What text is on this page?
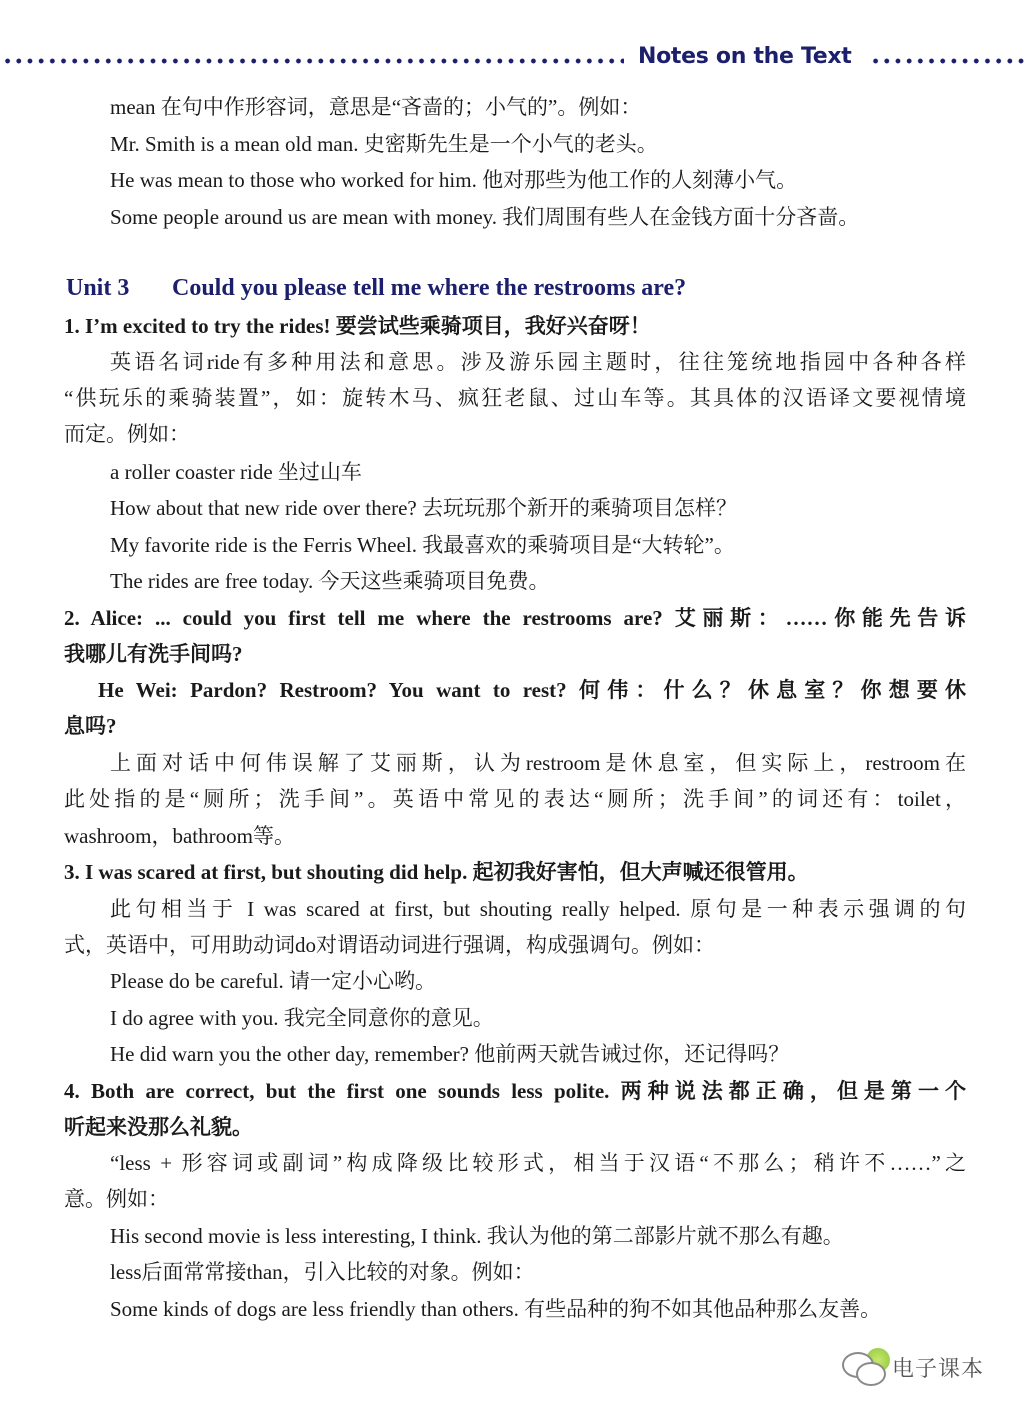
Notes on the Text
mean 在句中作形容词，意思是“吝啬的；小气的”。例如：
Mr. Smith is a mean old man. 史密斯先生是一个小气的老头。
He was mean to those who worked for him. 他对那些为他工作的人刻薄小气。
Some people around us are mean with money. 我们周围有些人在金钱方面十分吝啬。
Unit 3 Could you please tell me where the restrooms are?
1. I’m excited to try the rides! 要尝试些乘骑项目，我好兴奋呀！
英语名词ride有多种用法和意思。涉及游乐园主题时，往往笼统地指园中各种各样
“供玩乐的乘骑装置”，如：旋转木马、疯狂老鼠、过山车等。其具体的汉语译文要视情境
而定。例如：
a roller coaster ride 坐过山车
How about that new ride over there? 去玩玩那个新开的乘骑项目怎样？
My favorite ride is the Ferris Wheel. 我最喜欢的乘骑项目是“大转轮”。
The rides are free today. 今天这些乘骑项目免费。
2. Alice: ... could you first tell me where the restrooms are? 艾丽斯：……你能先告诉
我哪儿有洗手间吗?
He Wei: Pardon? Restroom? You want to rest? 何伟：什么？休息室？你想要休
息吗?
上面对话中何伟误解了艾丽斯，认为restroom是休息室，但实际上，restroom在
此处指的是“厕所；洗手间”。英语中常见的表达“厕所；洗手间”的词还有：toilet，
washroom，bathroom等。
3. I was scared at first, but shouting did help. 起初我好害怕，但大声喊还很管用。
此句相当于 I was scared at first, but shouting really helped. 原句是一种表示强调的句
式，英语中，可用助动词do对谓语动词进行强调，构成强调句。例如：
Please do be careful. 请一定小心哟。
I do agree with you. 我完全同意你的意见。
He did warn you the other day, remember? 他前两天就告诫过你，还记得吗？
4. Both are correct, but the first one sounds less polite. 两种说法都正确，但是第一个
听起来没那么礼貌。
“less + 形容词或副词”构成降级比较形式，相当于汉语“不那么；稍许不……”之
意。例如：
His second movie is less interesting, I think. 我认为他的第二部影片就不那么有趣。
less后面常常接than，引入比较的对象。例如：
Some kinds of dogs are less friendly than others. 有些品种的狗不如其他品种那么友善。
电子课本
